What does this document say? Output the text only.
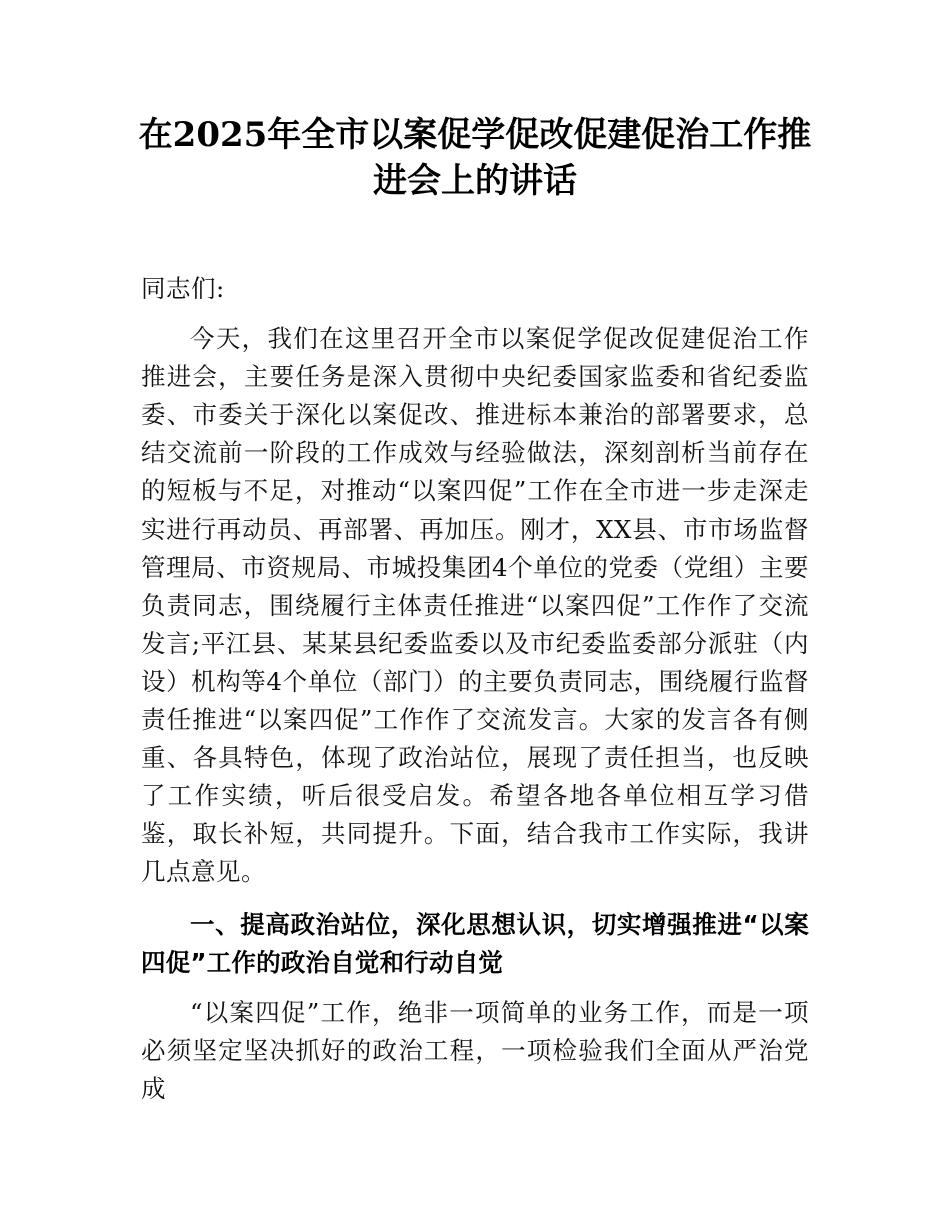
在2025年全市以案促学促改促建促治工作推进会上的讲话

同志们:

今天，我们在这里召开全市以案促学促改促建促治工作推进会，主要任务是深入贯彻中央纪委国家监委和省纪委监委、市委关于深化以案促改、推进标本兼治的部署要求，总结交流前一阶段的工作成效与经验做法，深刻剖析当前存在的短板与不足，对推动“以案四促”工作在全市进一步走深走实进行再动员、再部署、再加压。刚才，XX县、市市场监督管理局、市资规局、市城投集团4个单位的党委（党组）主要负责同志，围绕履行主体责任推进“以案四促”工作作了交流发言;平江县、某某县纪委监委以及市纪委监委部分派驻（内设）机构等4个单位（部门）的主要负责同志，围绕履行监督责任推进“以案四促”工作作了交流发言。大家的发言各有侧重、各具特色，体现了政治站位，展现了责任担当，也反映了工作实绩，听后很受启发。希望各地各单位相互学习借鉴，取长补短，共同提升。下面，结合我市工作实际，我讲几点意见。

一、提高政治站位，深化思想认识，切实增强推进“以案四促”工作的政治自觉和行动自觉

“以案四促”工作，绝非一项简单的业务工作，而是一项必须坚定坚决抓好的政治工程，一项检验我们全面从严治党成
